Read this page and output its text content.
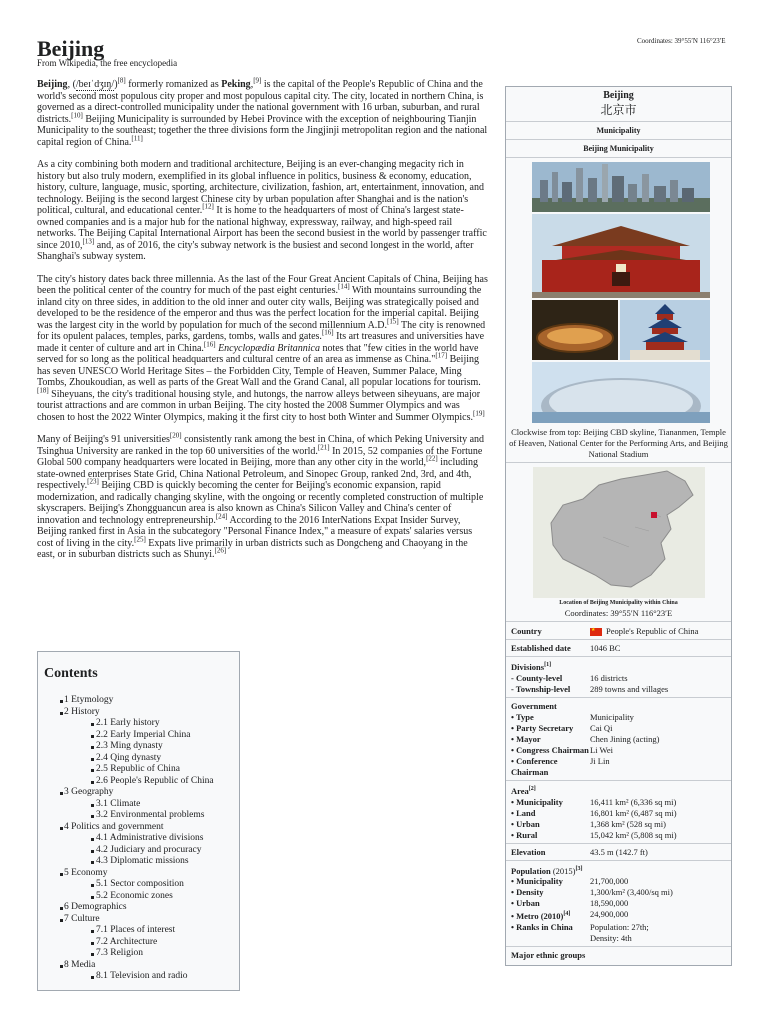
Coordinates: 39°55′N 116°23′E
Beijing
From Wikipedia, the free encyclopedia

Beijing, (/beɪˈdʒɪŋ/)[8] formerly romanized as Peking,[9] is the capital of the People's Republic of China and the world's second most populous city proper and most populous capital city. The city, located in northern China, is governed as a direct-controlled municipality under the national government with 16 urban, suburban, and rural districts.[10] Beijing Municipality is surrounded by Hebei Province with the exception of neighbouring Tianjin Municipality to the southeast; together the three divisions form the Jingjinji metropolitan region and the national capital region of China.[11]

As a city combining both modern and traditional architecture, Beijing is an ever-changing megacity rich in history but also truly modern, exemplified in its global influence in politics, business & economy, education, history, culture, language, music, sporting, architecture, civilization, fashion, art, entertainment, innovation, and technology. Beijing is the second largest Chinese city by urban population after Shanghai and is the nation's political, cultural, and educational center.[12] It is home to the headquarters of most of China's largest state-owned companies and is a major hub for the national highway, expressway, railway, and high-speed rail networks. The Beijing Capital International Airport has been the second busiest in the world by passenger traffic since 2010,[13] and, as of 2016, the city's subway network is the busiest and second longest in the world, after Shanghai's subway system.

The city's history dates back three millennia. As the last of the Four Great Ancient Capitals of China, Beijing has been the political center of the country for much of the past eight centuries.[14] With mountains surrounding the inland city on three sides, in addition to the old inner and outer city walls, Beijing was strategically poised and developed to be the residence of the emperor and thus was the perfect location for the imperial capital. Beijing was the largest city in the world by population for much of the second millennium A.D.[15] The city is renowned for its opulent palaces, temples, parks, gardens, tombs, walls and gates.[16] Its art treasures and universities have made it center of culture and art in China.[16] Encyclopædia Britannica notes that "few cities in the world have served for so long as the political headquarters and cultural centre of an area as immense as China."[17] Beijing has seven UNESCO World Heritage Sites – the Forbidden City, Temple of Heaven, Summer Palace, Ming Tombs, Zhoukoudian, as well as parts of the Great Wall and the Grand Canal, all popular locations for tourism.[18] Siheyuans, the city's traditional housing style, and hutongs, the narrow alleys between siheyuans, are major tourist attractions and are common in urban Beijing. The city hosted the 2008 Summer Olympics and was chosen to host the 2022 Winter Olympics, making it the first city to host both Winter and Summer Olympics.[19]

Many of Beijing's 91 universities[20] consistently rank among the best in China, of which Peking University and Tsinghua University are ranked in the top 60 universities of the world.[21] In 2015, 52 companies of the Fortune Global 500 company headquarters were located in Beijing, more than any other city in the world,[22] including state-owned enterprises State Grid, China National Petroleum, and Sinopec Group, ranked 2nd, 3rd, and 4th, respectively.[23] Beijing CBD is quickly becoming the center for Beijing's economic expansion, rapid modernization, and radically changing skyline, with the ongoing or recently completed construction of multiple skyscrapers. Beijing's Zhongguancun area is also known as China's Silicon Valley and China's center of innovation and technology entrepreneurship.[24] According to the 2016 InterNations Expat Insider Survey, Beijing ranked first in Asia in the subcategory "Personal Finance Index," a measure of expats' salaries versus cost of living in the city.[25] Expats live primarily in urban districts such as Dongcheng and Chaoyang in the east, or in suburban districts such as Shunyi.[26]

Contents
1 Etymology
2 History
2.1 Early history
2.2 Early Imperial China
2.3 Ming dynasty
2.4 Qing dynasty
2.5 Republic of China
2.6 People's Republic of China
3 Geography
3.1 Climate
3.2 Environmental problems
4 Politics and government
4.1 Administrative divisions
4.2 Judiciary and procuracy
4.3 Diplomatic missions
5 Economy
5.1 Sector composition
5.2 Economic zones
6 Demographics
7 Culture
7.1 Places of interest
7.2 Architecture
7.3 Religion
8 Media
8.1 Television and radio
Beijing
北京市
Municipality
Beijing Municipality
Clockwise from top: Beijing CBD skyline, Tiananmen, Temple of Heaven, National Center for the Performing Arts, and Beijing National Stadium
Location of Beijing Municipality within China
Coordinates: 39°55′N 116°23′E
Country
★	People's Republic of China
Established date	1046 BC
Divisions[1]
- County-level	16 districts
- Township-level	289 towns and villages
Government
• Type	Municipality
• Party Secretary	Cai Qi
• Mayor	Chen Jining (acting)
• Congress Chairman Li Wei
• Conference Chairman
Ji Lin
Area[2]
• Municipality	16,411 km² (6,336 sq mi)
• Land	16,801 km² (6,487 sq mi)
• Urban	1,368 km² (528 sq mi)
• Rural	15,042 km² (5,808 sq mi)
Elevation	43.5 m (142.7 ft)
Population (2015)[3]
• Municipality	21,700,000
• Density	1,300/km² (3,400/sq mi)
• Urban	18,590,000
• Metro (2010)[4]	24,900,000
• Ranks in China	Population: 27th;
Density: 4th
Major ethnic groups
